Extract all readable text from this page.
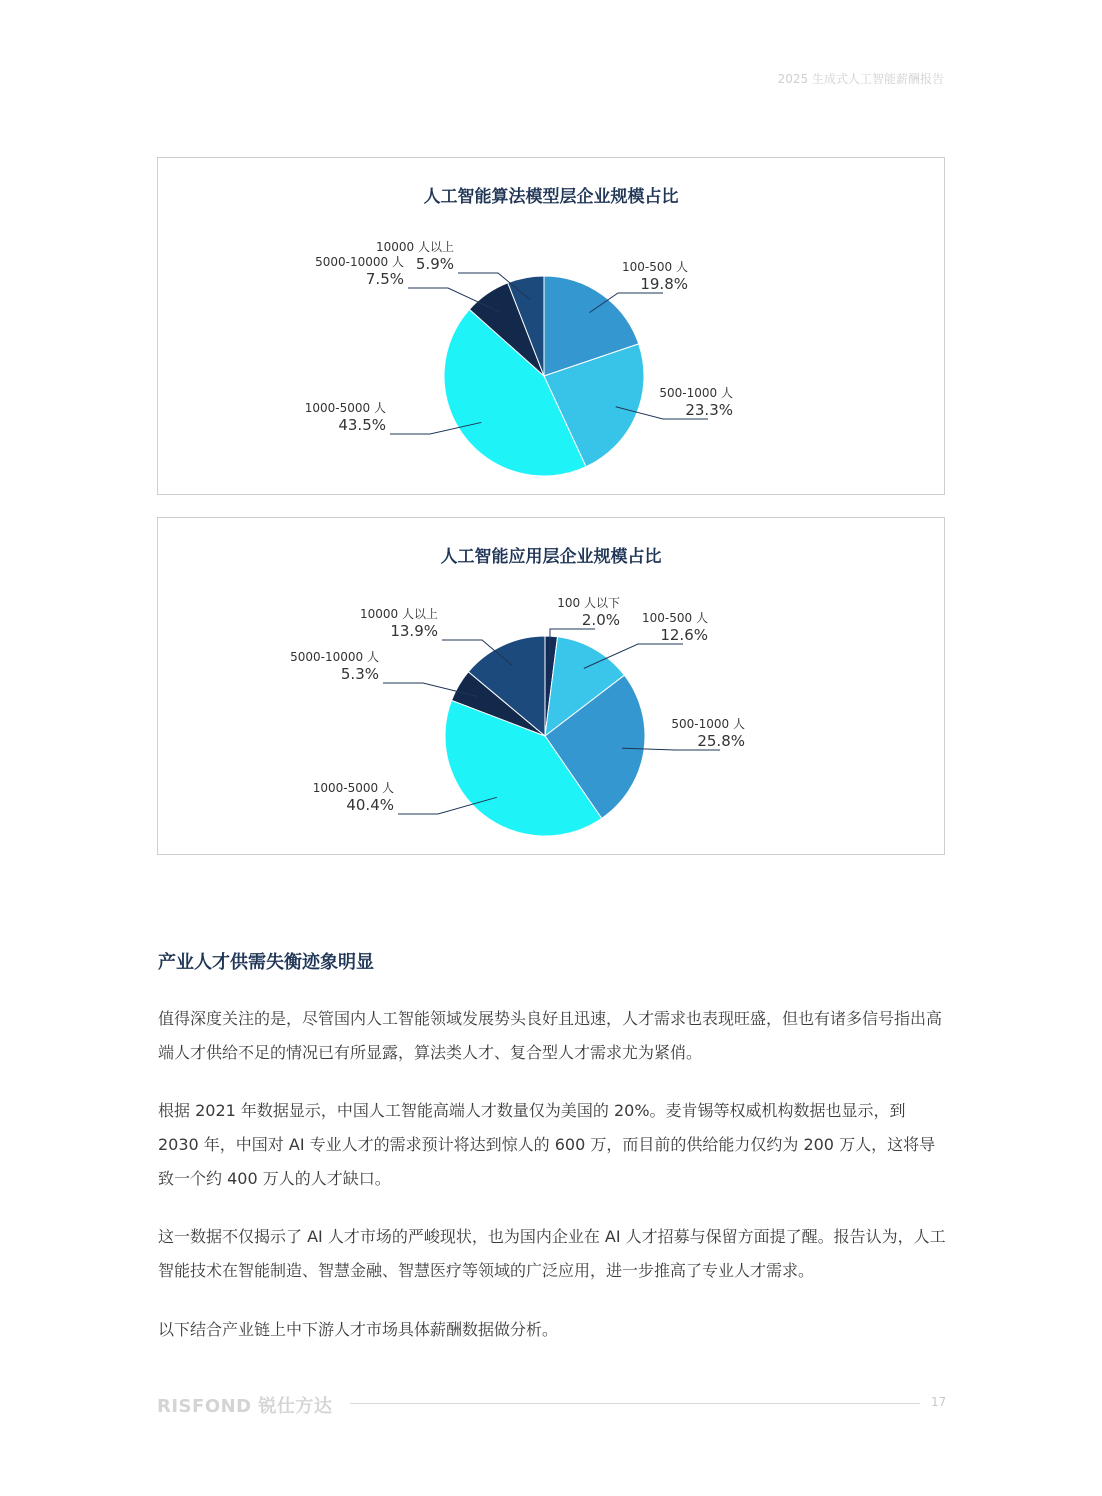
2025 生成式人工智能薪酬报告
人工智能算法模型层企业规模占比
100-500 人
19.8%
500-1000 人
23.3%
1000-5000 人
43.5%
5000-10000 人
7.5%
10000 人以上
5.9%
人工智能应用层企业规模占比
100 人以下
2.0% 100-500 人
12.6%
500-1000 人
25.8%
1000-5000 人
40.4%
5000-10000 人
5.3%
10000 人以上
13.9%
产业人才供需失衡迹象明显

值得深度关注的是，尽管国内人工智能领域发展势头良好且迅速，人才需求也表现旺盛，但也有诸多信号指出高端人才供给不足的情况已有所显露，算法类人才、复合型人才需求尤为紧俏。

根据 2021 年数据显示，中国人工智能高端人才数量仅为美国的 20%。麦肯锡等权威机构数据也显示，到 2030 年，中国对 AI 专业人才的需求预计将达到惊人的 600 万，而目前的供给能力仅约为 200 万人，这将导致一个约 400 万人的人才缺口。

这一数据不仅揭示了 AI 人才市场的严峻现状，也为国内企业在 AI 人才招募与保留方面提了醒。报告认为，人工智能技术在智能制造、智慧金融、智慧医疗等领域的广泛应用，进一步推高了专业人才需求。

以下结合产业链上中下游人才市场具体薪酬数据做分析。

RISFOND 锐仕方达	17
